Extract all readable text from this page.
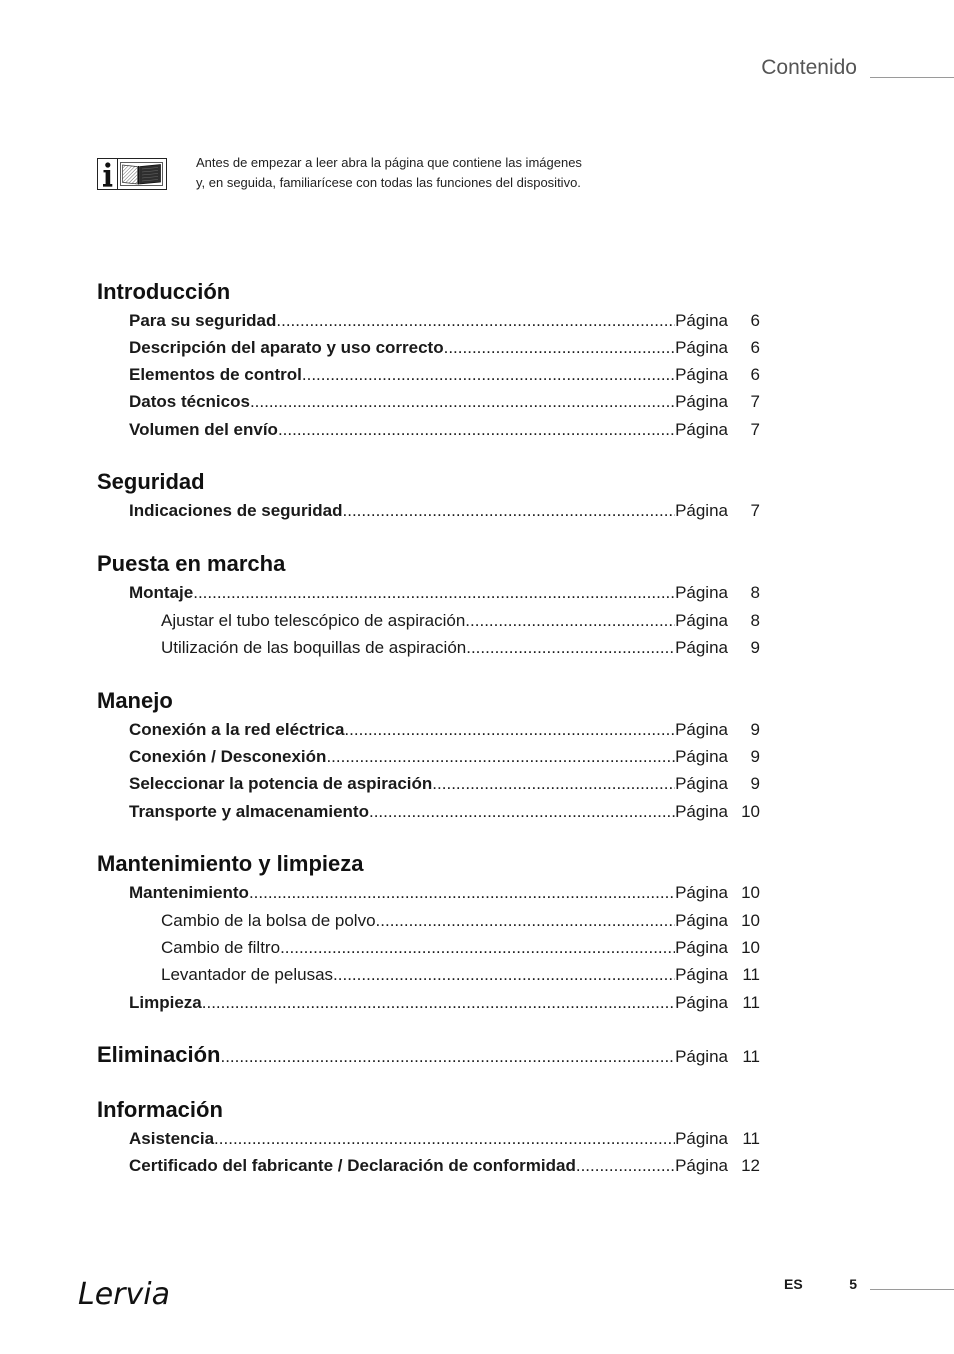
Contenido
Antes de empezar a leer abra la página que contiene las imágenes
y, en seguida, familiarícese con todas las funciones del dispositivo.
Introducción
Para su seguridad .....	Página	6
Descripción del aparato y uso correcto .....	Página	6
Elementos de control .....	Página	6
Datos técnicos .....	Página	7
Volumen del envío .....	Página	7
Seguridad
Indicaciones de seguridad .....	Página	7
Puesta en marcha
Montaje .....	Página	8
Ajustar el tubo telescópico de aspiración .....	Página	8
Utilización de las boquillas de aspiración .....	Página	9
Manejo
Conexión a la red eléctrica .....	Página	9
Conexión / Desconexión .....	Página	9
Seleccionar la potencia de aspiración .....	Página	9
Transporte y almacenamiento .....	Página 10
Mantenimiento y limpieza
Mantenimiento .....	Página 10
Cambio de la bolsa de polvo .....	Página 10
Cambio de filtro .....	Página 10
Levantador de pelusas .....	Página 11
Limpieza .....	Página 11
Eliminación .....	Página 11
Información
Asistencia .....	Página 11
Certificado del fabricante / Declaración de conformidad .....	Página 12
Lervia	ES	5
